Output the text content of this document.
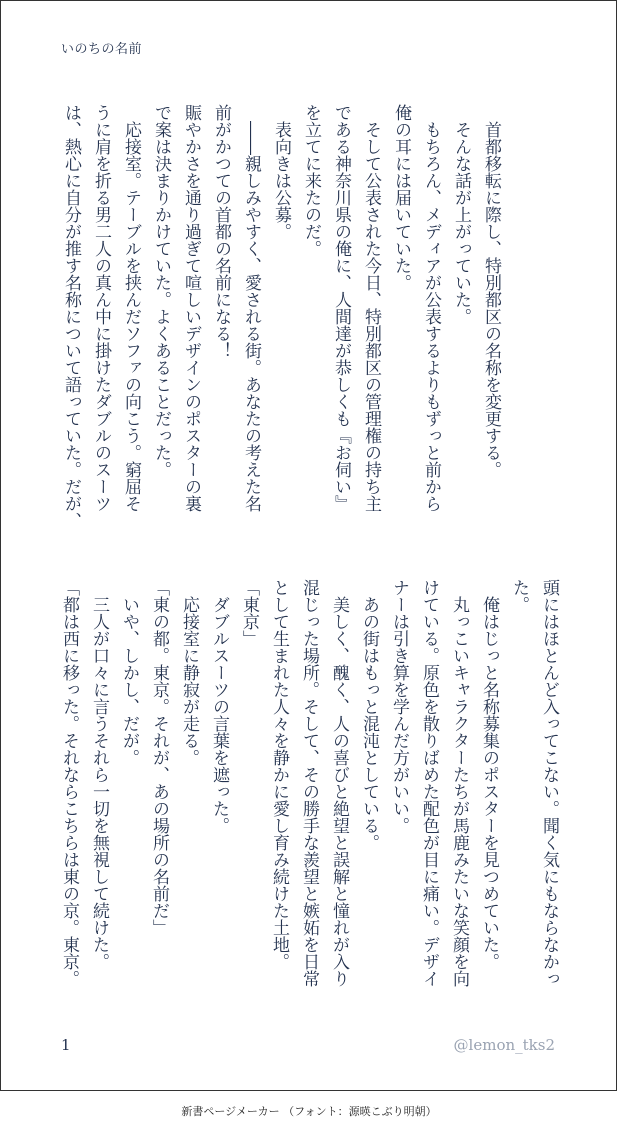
いのちの名前
　首都移転に際し、特別都区の名称を変更する。
　そんな話が上がっていた。
　もちろん、メディアが公表するよりもずっと前から
俺の耳には届いていた。
　そして公表された今日、特別都区の管理権の持ち主
である神奈川県の俺に、人間達が恭しくも『お伺い』
を立てに来たのだ。
　表向きは公募。
　――親しみやすく、愛される街。あなたの考えた名
前がかつての首都の名前になる！
賑やかさを通り過ぎて喧しいデザインのポスターの裏
で案は決まりかけていた。よくあることだった。
　応接室。テーブルを挟んだソファの向こう。窮屈そ
うに肩を折る男二人の真ん中に掛けたダブルのスーツ
は、熱心に自分が推す名称について語っていた。だが、
頭にはほとんど入ってこない。聞く気にもならなかっ
た。
　俺はじっと名称募集のポスターを見つめていた。
　丸っこいキャラクターたちが馬鹿みたいな笑顔を向
けている。原色を散りばめた配色が目に痛い。デザイ
ナーは引き算を学んだ方がいい。
　あの街はもっと混沌としている。
　美しく、醜く、人の喜びと絶望と誤解と憧れが入り
混じった場所。そして、その勝手な羨望と嫉妬を日常
として生まれた人々を静かに愛し育み続けた土地。
「東京」
　ダブルスーツの言葉を遮った。
　応接室に静寂が走る。
「東の都。東京。それが、あの場所の名前だ」
　いや、しかし、だが。
　三人が口々に言うそれら一切を無視して続けた。
「都は西に移った。それならこちらは東の京。東京。
1	@lemon_tks2
新書ページメーカー （フォント：源暎こぶり明朝）
